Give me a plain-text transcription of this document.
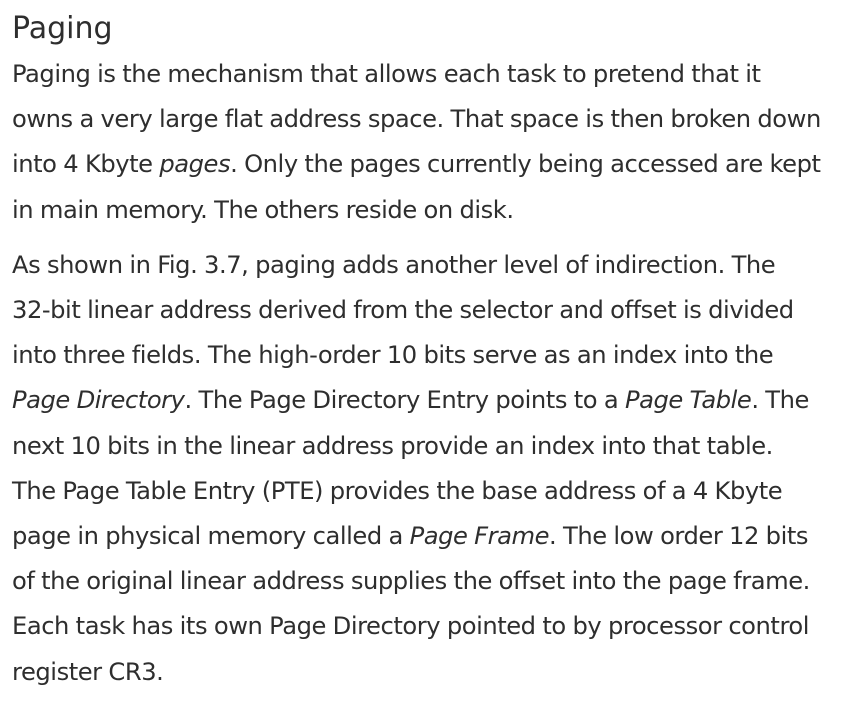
Paging

Paging is the mechanism that allows each task to pretend that it
owns a very large flat address space. That space is then broken down
into 4 Kbyte pages. Only the pages currently being accessed are kept
in main memory. The others reside on disk.

As shown in Fig. 3.7, paging adds another level of indirection. The
32-bit linear address derived from the selector and offset is divided
into three fields. The high-order 10 bits serve as an index into the
Page Directory. The Page Directory Entry points to a Page Table. The
next 10 bits in the linear address provide an index into that table.
The Page Table Entry (PTE) provides the base address of a 4 Kbyte
page in physical memory called a Page Frame. The low order 12 bits
of the original linear address supplies the offset into the page frame.
Each task has its own Page Directory pointed to by processor control
register CR3.
